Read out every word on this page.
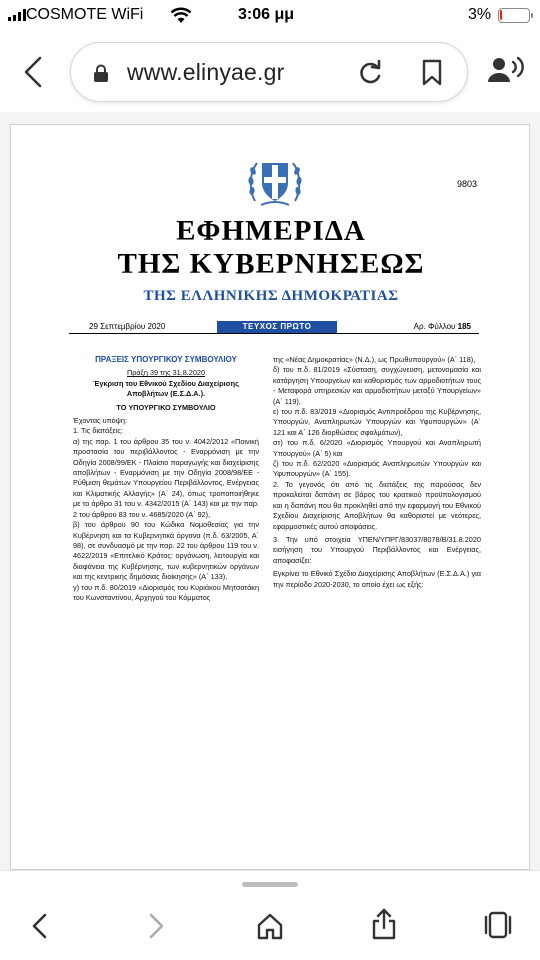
COSMOTE WiFi	3:06 μμ	3%
www.elinyae.gr
9803
ΕΦΗΜΕΡΙΔΑ
ΤΗΣ ΚΥΒΕΡΝΗΣΕΩΣ
ΤΗΣ ΕΛΛΗΝΙΚΗΣ ΔΗΜΟΚΡΑΤΙΑΣ
29 Σεπτεμβρίου 2020	ΤΕΥΧΟΣ ΠΡΩΤΟ	Αρ. Φύλλου 185

ΠΡΑΞΕΙΣ ΥΠΟΥΡΓΙΚΟΥ ΣΥΜΒΟΥΛΙΟΥ

Πράξη 39 της 31.8.2020

Έγκριση του Εθνικού Σχεδίου Διαχείρισης Αποβλήτων (Ε.Σ.Δ.Α.).

ΤΟ ΥΠΟΥΡΓΙΚΟ ΣΥΜΒΟΥΛΙΟ

Έχοντας υπόψη:

1. Τις διατάξεις:

α) της παρ. 1 του άρθρου 35 του ν. 4042/2012 «Ποινική προστασία του περιβάλλοντος - Εναρμόνιση με την Οδηγία 2008/99/ΕΚ - Πλαίσιο παραγωγής και διαχείρισης αποβλήτων - Εναρμόνιση με την Οδηγία 2008/98/ΕΕ - Ρύθμιση θεμάτων Υπουργείου Περιβάλλοντος, Ενέργειας και Κλιματικής Αλλαγής» (Α΄ 24), όπως τροποποιήθηκε με το άρθρο 31 του ν. 4342/2015 (Α΄ 143) και με την παρ. 2 του άρθρου 83 του ν. 4685/2020 (Α΄ 92),

β) του άρθρου 90 του Κώδικα Νομοθεσίας για την Κυβέρνηση και τα Κυβερνητικά όργανα (π.δ. 63/2005, Α΄ 98), σε συνδυασμό με την παρ. 22 του άρθρου 119 του ν. 4622/2019 «Επιτελικό Κράτος: οργάνωση, λειτουργία και διαφάνεια της Κυβέρνησης, των κυβερνητικών οργάνων και της κεντρικής δημόσιας διοίκησης» (Α΄ 133),

γ) του π.δ. 80/2019 «Διορισμός του Κυριάκου Μητσοτάκη του Κωνσταντίνου, Αρχηγού του Κόμματος

της «Νέας Δημοκρατίας» (Ν.Δ.), ως Πρωθυπουργού» (Α΄ 118),

δ) του π.δ. 81/2019 «Σύσταση, συγχώνευση, μετονομασία και κατάργηση Υπουργείων και καθορισμός των αρμοδιοτήτων τους - Μεταφορά υπηρεσιών και αρμοδιοτήτων μεταξύ Υπουργείων» (Α΄ 119),

ε) του π.δ. 83/2019 «Διορισμός Αντιπροέδρου της Κυβέρνησης, Υπουργών, Αναπληρωτών Υπουργών και Υφυπουργών» (Α΄ 121 και Α΄ 126 διορθώσεις σφαλμάτων),

στ) του π.δ. 6/2020 «Διορισμός Υπουργού και Αναπληρωτή Υπουργού» (Α΄ 5) και

ζ) του π.δ. 62/2020 «Διορισμός Αναπληρωτών Υπουργών και Υφυπουργών» (Α΄ 155).

2. Το γεγονός ότι από τις διατάξεις της παρούσας δεν προκαλείται δαπάνη σε βάρος του κρατικού προϋπολογισμού και η δαπάνη που θα προκληθεί από την εφαρμογή του Εθνικού Σχεδίου Διαχείρισης Αποβλήτων θα καθοριστεί με νεότερες, εφαρμοστικές αυτού αποφάσεις.

3. Την υπό στοιχεία ΥΠΕΝ/ΥΠΡΓ/83037/8078/Β/31.8.2020 εισήγηση του Υπουργού Περιβάλλοντος και Ενέργειας, αποφασίζει:

Εγκρίνει το Εθνικό Σχέδιο Διαχείρισης Αποβλήτων (Ε.Σ.Δ.Α.) για την περίοδο 2020-2030, το οποίο έχει ως εξής:
